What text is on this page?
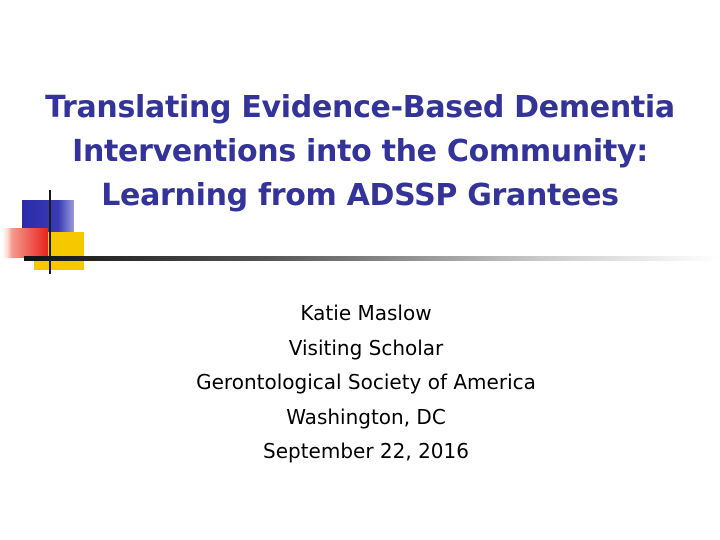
Translating Evidence-Based Dementia
Interventions into the Community:
Learning from ADSSP Grantees
Katie Maslow
Visiting Scholar
Gerontological Society of America
Washington, DC
September 22, 2016
